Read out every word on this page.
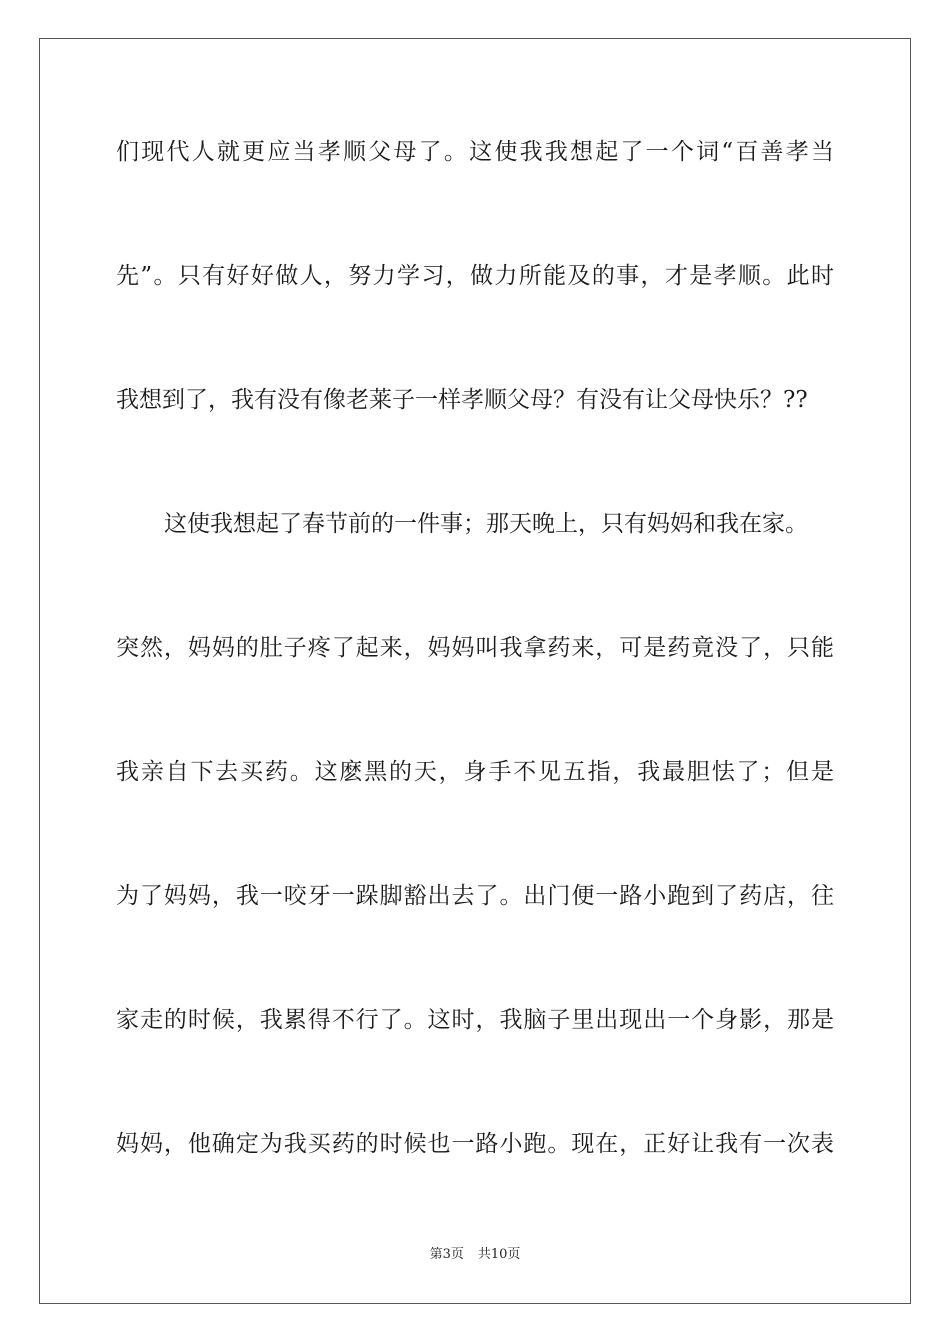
们现代人就更应当孝顺父母了。这使我我想起了一个词“百善孝当
先”。只有好好做人，努力学习，做力所能及的事，才是孝顺。此时
我想到了，我有没有像老莱子一样孝顺父母？有没有让父母快乐？??
这使我想起了春节前的一件事；那天晚上，只有妈妈和我在家。
突然，妈妈的肚子疼了起来，妈妈叫我拿药来，可是药竟没了，只能
我亲自下去买药。这麽黑的天，身手不见五指，我最胆怯了；但是
为了妈妈，我一咬牙一跺脚豁出去了。出门便一路小跑到了药店，往
家走的时候，我累得不行了。这时，我脑子里出现出一个身影，那是
妈妈，他确定为我买药的时候也一路小跑。现在，正好让我有一次表
第3页 共10页
